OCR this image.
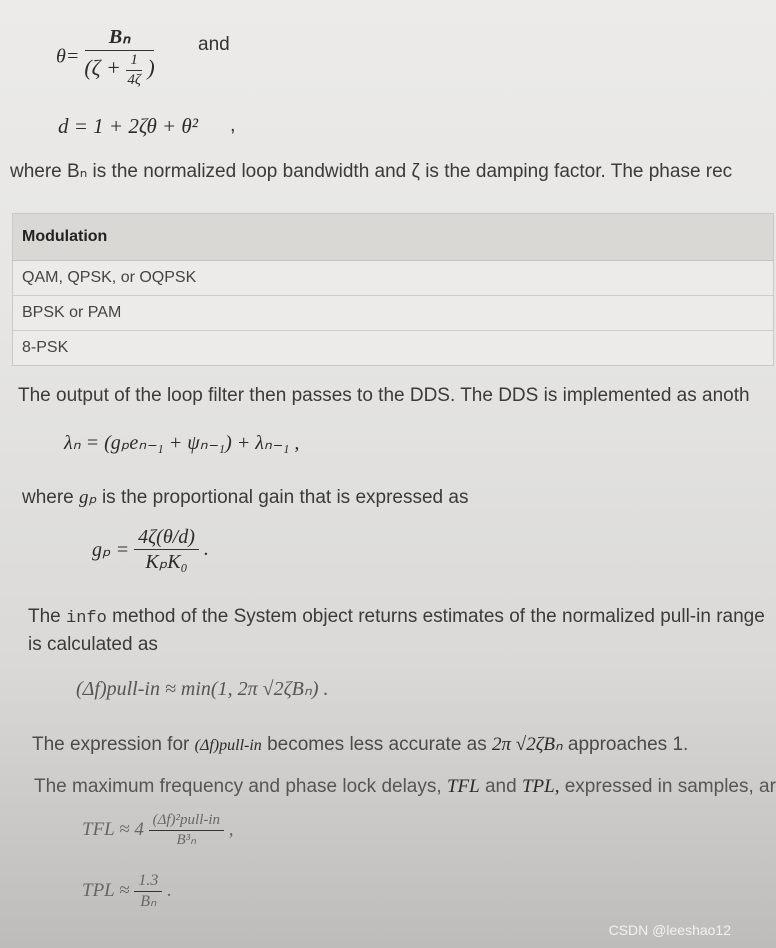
$\theta= \frac{\text{Bₙ}}{(\zeta + \frac{1}{4\zeta} )}$ and
d = 1 + 2ζθ + θ² ,
where Bₙ is the normalized loop bandwidth and ζ is the damping factor. The phase rec
Modulation
QAM, QPSK, or OQPSK
BPSK or PAM
8-PSK
The output of the loop filter then passes to the DDS. The DDS is implemented as anoth
λₙ = (gₚeₙ₋₁ + ψₙ₋₁) + λₙ₋₁ ,
where gₚ is the proportional gain that is expressed as
$g_p = \frac{4\zeta(\theta/d)}{\text{KₚK₀}}$ .
The info method of the System object returns estimates of the normalized pull-in range
is calculated as
(Δf)pull-in ≈ min(1, 2π √2ζBₙ) .
The expression for (Δf)pull-in becomes less accurate as 2π √2ζBₙ approaches 1.
The maximum frequency and phase lock delays, TFL and TPL, expressed in samples, ar
TFL ≈ $4 \frac{\text{(Δf)²pull-in}}{\text{B³ₙ}}$ ,
TPL ≈ $\frac{1.3}{\text{Bₙ}}$ .
CSDN @leeshao12
